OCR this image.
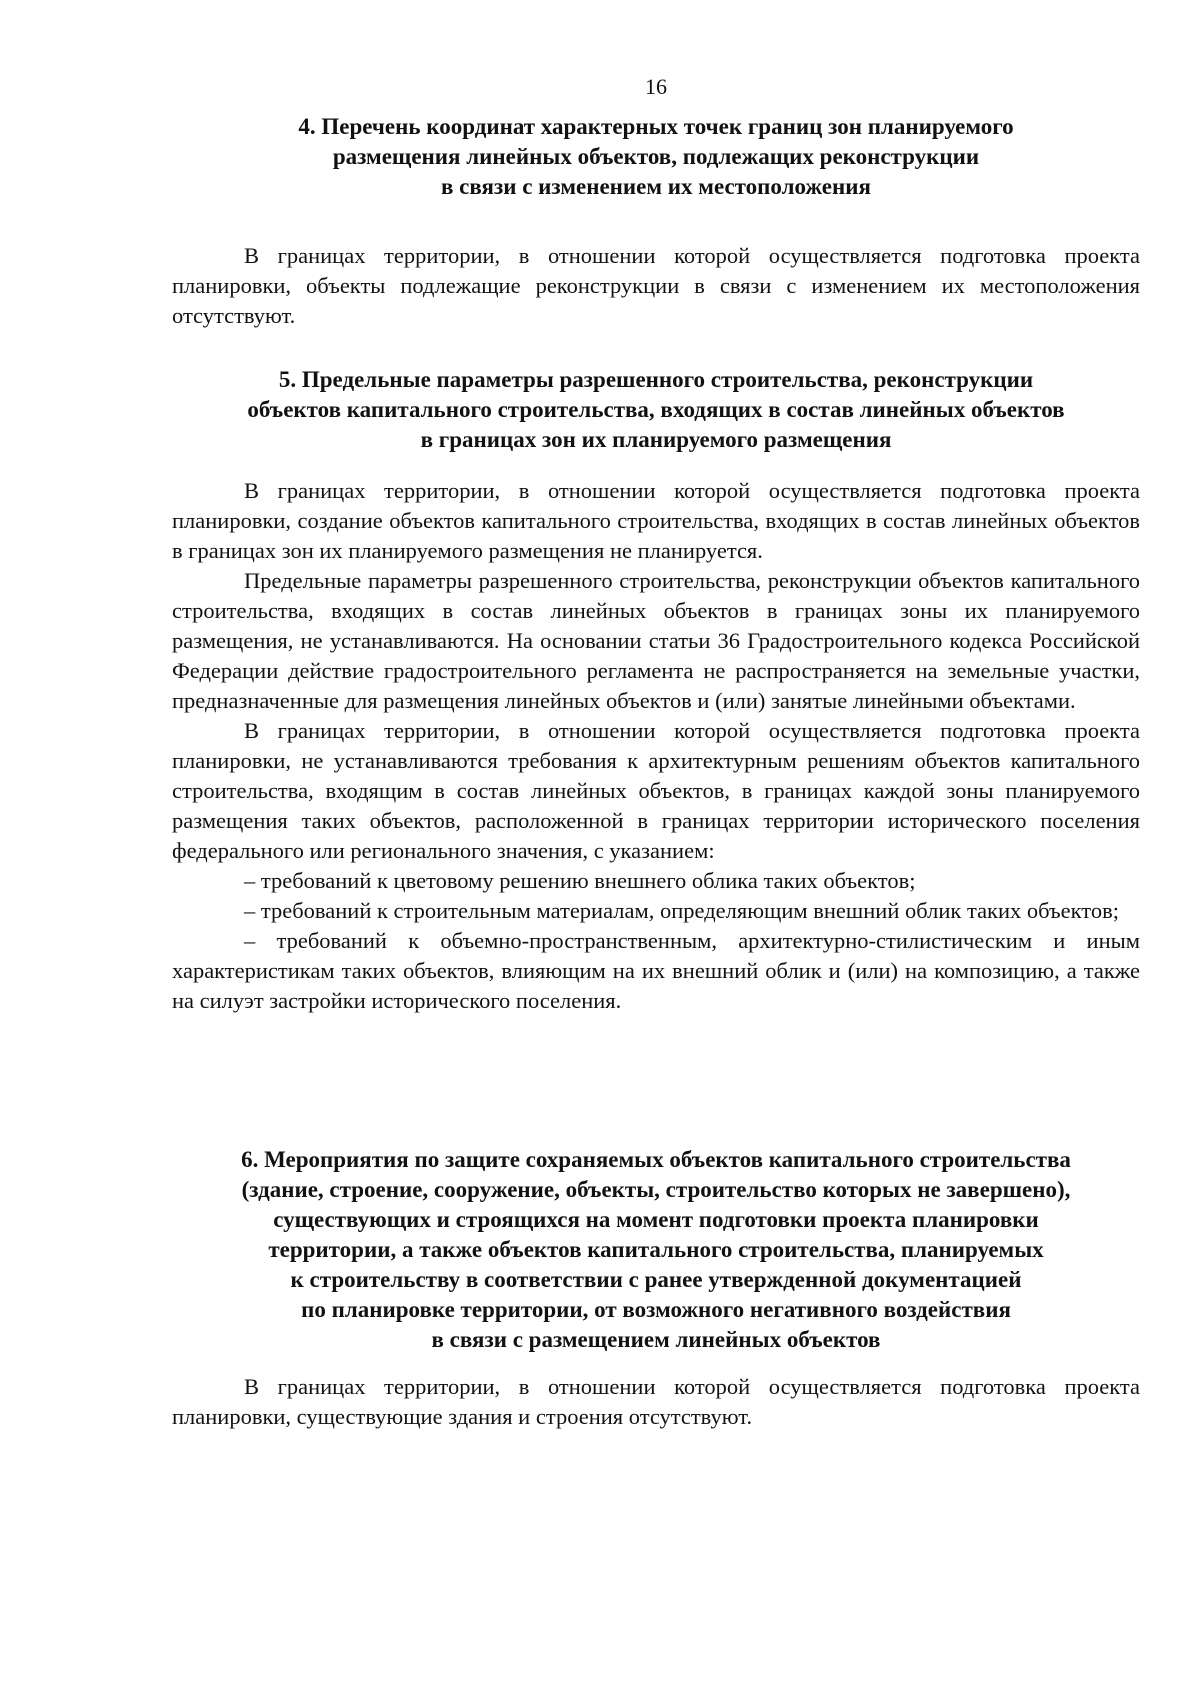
16
4. Перечень координат характерных точек границ зон планируемого
размещения линейных объектов, подлежащих реконструкции
в связи с изменением их местоположения

В границах территории, в отношении которой осуществляется подготовка проекта планировки, объекты подлежащие реконструкции в связи с изменением их местоположения отсутствуют.

5. Предельные параметры разрешенного строительства, реконструкции
объектов капитального строительства, входящих в состав линейных объектов
в границах зон их планируемого размещения

В границах территории, в отношении которой осуществляется подготовка проекта планировки, создание объектов капитального строительства, входящих в состав линейных объектов в границах зон их планируемого размещения не планируется.

Предельные параметры разрешенного строительства, реконструкции объектов капитального строительства, входящих в состав линейных объектов в границах зоны их планируемого размещения, не устанавливаются. На основании статьи 36 Градостроительного кодекса Российской Федерации действие градостроительного регламента не распространяется на земельные участки, предназначенные для размещения линейных объектов и (или) занятые линейными объектами.

В границах территории, в отношении которой осуществляется подготовка проекта планировки, не устанавливаются требования к архитектурным решениям объектов капитального строительства, входящим в состав линейных объектов, в границах каждой зоны планируемого размещения таких объектов, расположенной в границах территории исторического поселения федерального или регионального значения, с указанием:

– требований к цветовому решению внешнего облика таких объектов;

– требований к строительным материалам, определяющим внешний облик таких объектов;

– требований к объемно-пространственным, архитектурно-стилистическим и иным характеристикам таких объектов, влияющим на их внешний облик и (или) на композицию, а также на силуэт застройки исторического поселения.

6. Мероприятия по защите сохраняемых объектов капитального строительства
(здание, строение, сооружение, объекты, строительство которых не завершено),
существующих и строящихся на момент подготовки проекта планировки
территории, а также объектов капитального строительства, планируемых
к строительству в соответствии с ранее утвержденной документацией
по планировке территории, от возможного негативного воздействия
в связи с размещением линейных объектов

В границах территории, в отношении которой осуществляется подготовка проекта планировки, существующие здания и строения отсутствуют.
